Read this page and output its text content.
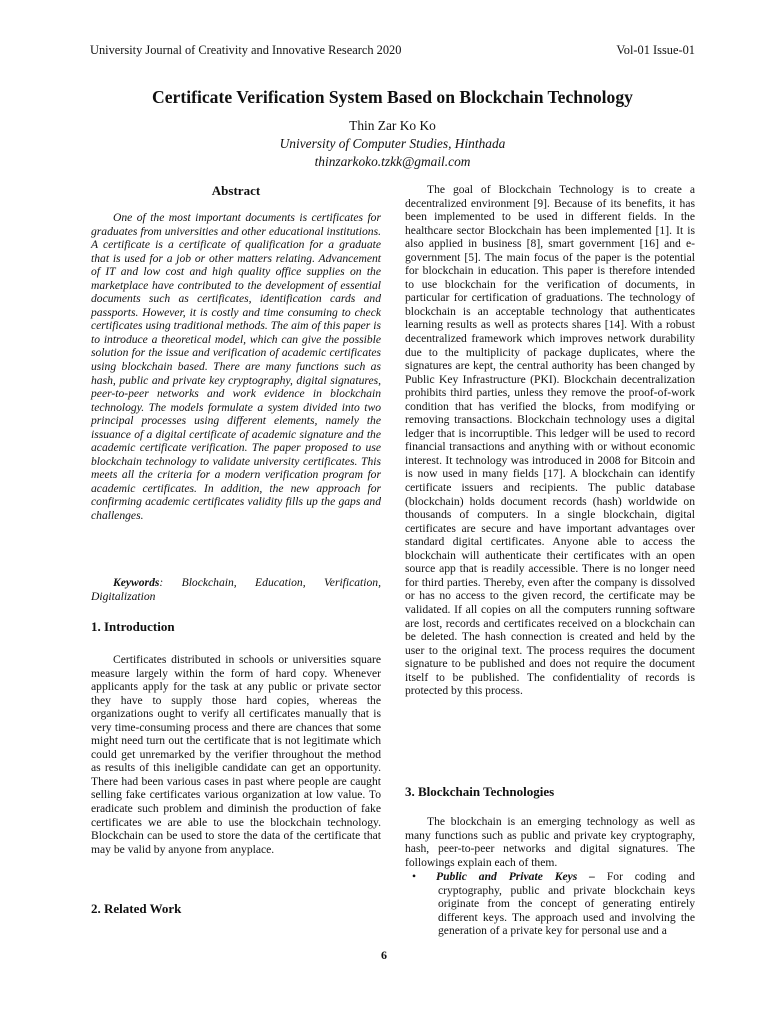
University Journal of Creativity and Innovative Research 2020	Vol-01 Issue-01
Certificate Verification System Based on Blockchain Technology
Thin Zar Ko Ko
University of Computer Studies, Hinthada
thinzarkoko.tzkk@gmail.com
Abstract

One of the most important documents is certificates for graduates from universities and other educational institutions. A certificate is a certificate of qualification for a graduate that is used for a job or other matters relating. Advancement of IT and low cost and high quality office supplies on the marketplace have contributed to the development of essential documents such as certificates, identification cards and passports. However, it is costly and time consuming to check certificates using traditional methods. The aim of this paper is to introduce a theoretical model, which can give the possible solution for the issue and verification of academic certificates using blockchain based. There are many functions such as hash, public and private key cryptography, digital signatures, peer-to-peer networks and work evidence in blockchain technology. The models formulate a system divided into two principal processes using different elements, namely the issuance of a digital certificate of academic signature and the academic certificate verification. The paper proposed to use blockchain technology to validate university certificates. This meets all the criteria for a modern verification program for academic certificates. In addition, the new approach for confirming academic certificates validity fills up the gaps and challenges.

Keywords: Blockchain, Education, Verification, Digitalization

1. Introduction

Certificates distributed in schools or universities square measure largely within the form of hard copy. Whenever applicants apply for the task at any public or private sector they have to supply those hard copies, whereas the organizations ought to verify all certificates manually that is very time-consuming process and there are chances that some might need turn out the certificate that is not legitimate which could get unremarked by the verifier throughout the method as results of this ineligible candidate can get an opportunity. There had been various cases in past where people are caught selling fake certificates various organization at low value. To eradicate such problem and diminish the production of fake certificates we are able to use the blockchain technology. Blockchain can be used to store the data of the certificate that may be valid by anyone from anyplace.

2. Related Work

The goal of Blockchain Technology is to create a decentralized environment [9]. Because of its benefits, it has been implemented to be used in different fields. In the healthcare sector Blockchain has been implemented [1]. It is also applied in business [8], smart government [16] and e-government [5]. The main focus of the paper is the potential for blockchain in education. This paper is therefore intended to use blockchain for the verification of documents, in particular for certification of graduations. The technology of blockchain is an acceptable technology that authenticates learning results as well as protects shares [14]. With a robust decentralized framework which improves network durability due to the multiplicity of package duplicates, where the signatures are kept, the central authority has been changed by Public Key Infrastructure (PKI). Blockchain decentralization prohibits third parties, unless they remove the proof-of-work condition that has verified the blocks, from modifying or removing transactions. Blockchain technology uses a digital ledger that is incorruptible. This ledger will be used to record financial transactions and anything with or without economic interest. It technology was introduced in 2008 for Bitcoin and is now used in many fields [17]. A blockchain can identify certificate issuers and recipients. The public database (blockchain) holds document records (hash) worldwide on thousands of computers. In a single blockchain, digital certificates are secure and have important advantages over standard digital certificates. Anyone able to access the blockchain will authenticate their certificates with an open source app that is readily accessible. There is no longer need for third parties. Thereby, even after the company is dissolved or has no access to the given record, the certificate may be validated. If all copies on all the computers running software are lost, records and certificates received on a blockchain can be deleted. The hash connection is created and held by the user to the original text. The process requires the document signature to be published and does not require the document itself to be published. The confidentiality of records is protected by this process.

3. Blockchain Technologies

The blockchain is an emerging technology as well as many functions such as public and private key cryptography, hash, peer-to-peer networks and digital signatures. The followings explain each of them.

•	Public and Private Keys – For coding and cryptography, public and private blockchain keys originate from the concept of generating entirely different keys. The approach used and involving the generation of a private key for personal use and a
6
